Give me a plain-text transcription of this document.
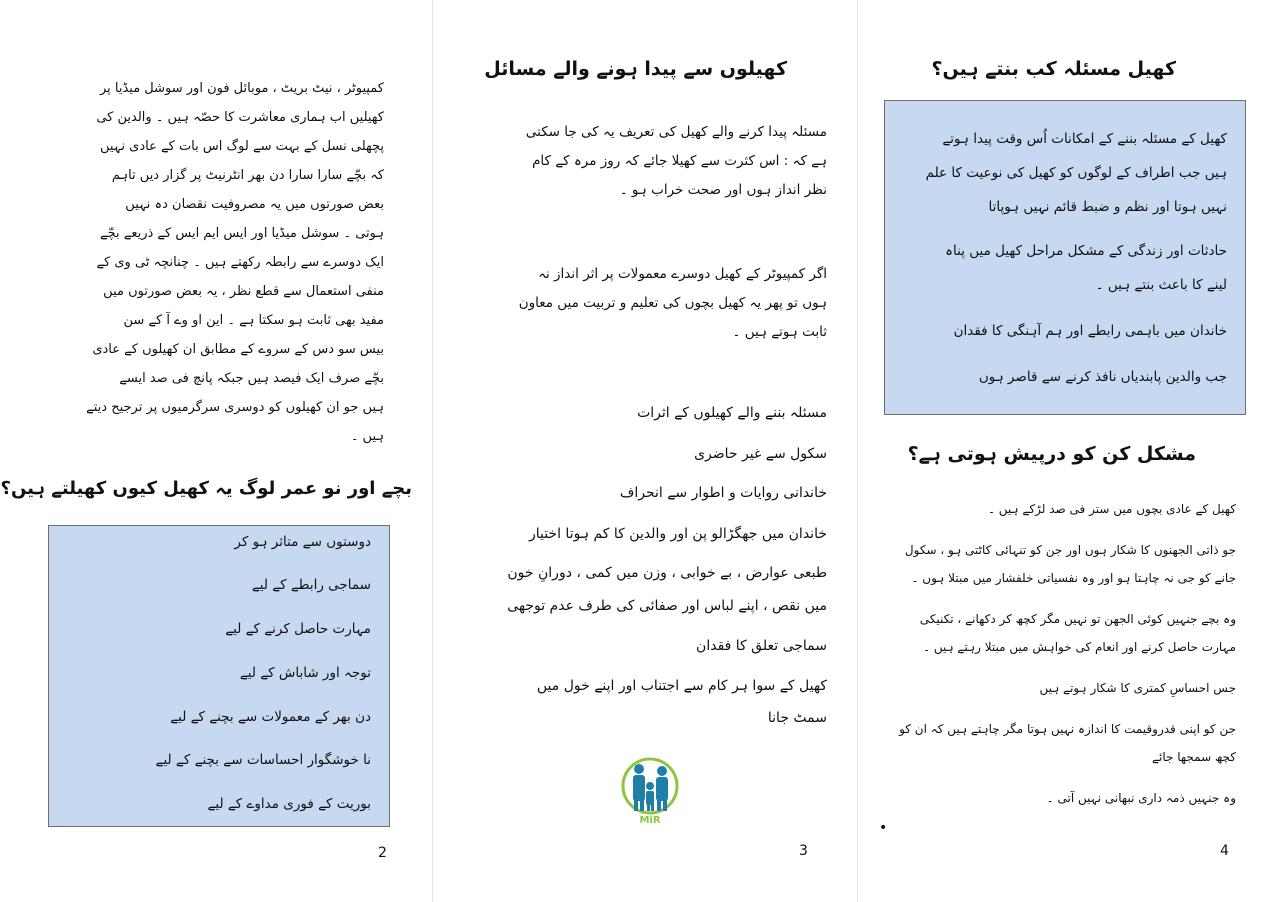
کمپیوٹر ، نیٹ بریٹ ، موبائل فون اور سوشل میڈیا پر
کھیلیں اب ہماری معاشرت کا حصّہ ہیں ۔ والدین کی
پچھلی نسل کے بہت سے لوگ اس بات کے عادی نہیں
کہ بچّے سارا سارا دن بھر انٹرنیٹ پر گزار دیں تاہم
بعض صورتوں میں یہ مصروفیت نقصان دہ نہیں
ہوتی ۔ سوشل میڈیا اور ایس ایم ایس کے ذریعے بچّے
ایک دوسرے سے رابطہ رکھتے ہیں ۔ چنانچہ ٹی وی کے
منفی استعمال سے قطع نظر ، یہ بعض صورتوں میں
مفید بھی ثابت ہو سکتا ہے ۔ این او وے آ کے سن
بیس سو دس کے سروے کے مطابق ان کھیلوں کے عادی
بچّے صرف ایک فیصد ہیں جبکہ پانچ فی صد ایسے
ہیں جو ان کھیلوں کو دوسری سرگرمیوں پر ترجیح دیتے
ہیں ۔
بچے اور نو عمر لوگ یہ کھیل کیوں کھیلتے ہیں؟
دوستوں سے متاثر ہو کر
سماجی رابطے کے لیے
مہارت حاصل کرنے کے لیے
توجہ اور شاباش کے لیے
دن بھر کے معمولات سے بچنے کے لیے
نا خوشگوار احساسات سے بچنے کے لیے
بوریت کے فوری مداوے کے لیے
2
کھیلوں سے پیدا ہونے والے مسائل
مسئلہ پیدا کرنے والے کھیل کی تعریف یہ کی جا سکتی
ہے کہ : اس کثرت سے کھیلا جائے کہ روز مرہ کے کام
نظر انداز ہوں اور صحت خراب ہو ۔
اگر کمپیوٹر کے کھیل دوسرے معمولات پر اثر انداز نہ
ہوں تو پھر یہ کھیل بچوں کی تعلیم و تربیت میں معاون
ثابت ہوتے ہیں ۔
مسئلہ بننے والے کھیلوں کے اثرات
سکول سے غیر حاضری
خاندانی روایات و اطوار سے انحراف
خاندان میں جھگڑالو پن اور والدین کا کم ہوتا اختیار
طبعی عوارض ، بے خوابی ، وزن میں کمی ، دورانِ خون
میں نقص ، اپنے لباس اور صفائی کی طرف عدم توجھی
سماجی تعلق کا فقدان
کھیل کے سوا ہر کام سے اجتناب اور اپنے خول میں
سمٹ جانا
MiR
3
کھیل مسئلہ کب بنتے ہیں؟
کھیل کے مسئلہ بننے کے امکانات اُس وقت پیدا ہوتے
ہیں جب اطراف کے لوگوں کو کھیل کی نوعیت کا علم
نہیں ہوتا اور نظم و ضبط قائم نہیں ہوپاتا
حادثات اور زندگی کے مشکل مراحل کھیل میں پناہ
لینے کا باعث بنتے ہیں ۔
خاندان میں باہمی رابطے اور ہم آہنگی کا فقدان
جب والدین پابندیاں نافذ کرنے سے قاصر ہوں
مشکل کن کو درپیش ہوتی ہے؟
کھیل کے عادی بچوں میں ستر فی صد لڑکے ہیں ۔
جو ذاتی الجھنوں کا شکار ہوں اور جن کو تنہائی کاٹتی ہو ، سکول
جانے کو جی نہ چاہتا ہو اور وہ نفسیاتی خلفشار میں مبتلا ہوں ۔
وہ بچے جنہیں کوئی الجھن تو نہیں مگر کچھ کر دکھانے ، تکنیکی
مہارت حاصل کرنے اور انعام کی خواہش میں مبتلا رہتے ہیں ۔
جس احساسِ کمتری کا شکار ہوتے ہیں
جن کو اپنی قدروقیمت کا اندازہ نہیں ہوتا مگر چاہتے ہیں کہ ان کو
کچھ سمجھا جائے
وہ جنہیں ذمہ داری نبھانی نہیں آتی ۔
•
4
